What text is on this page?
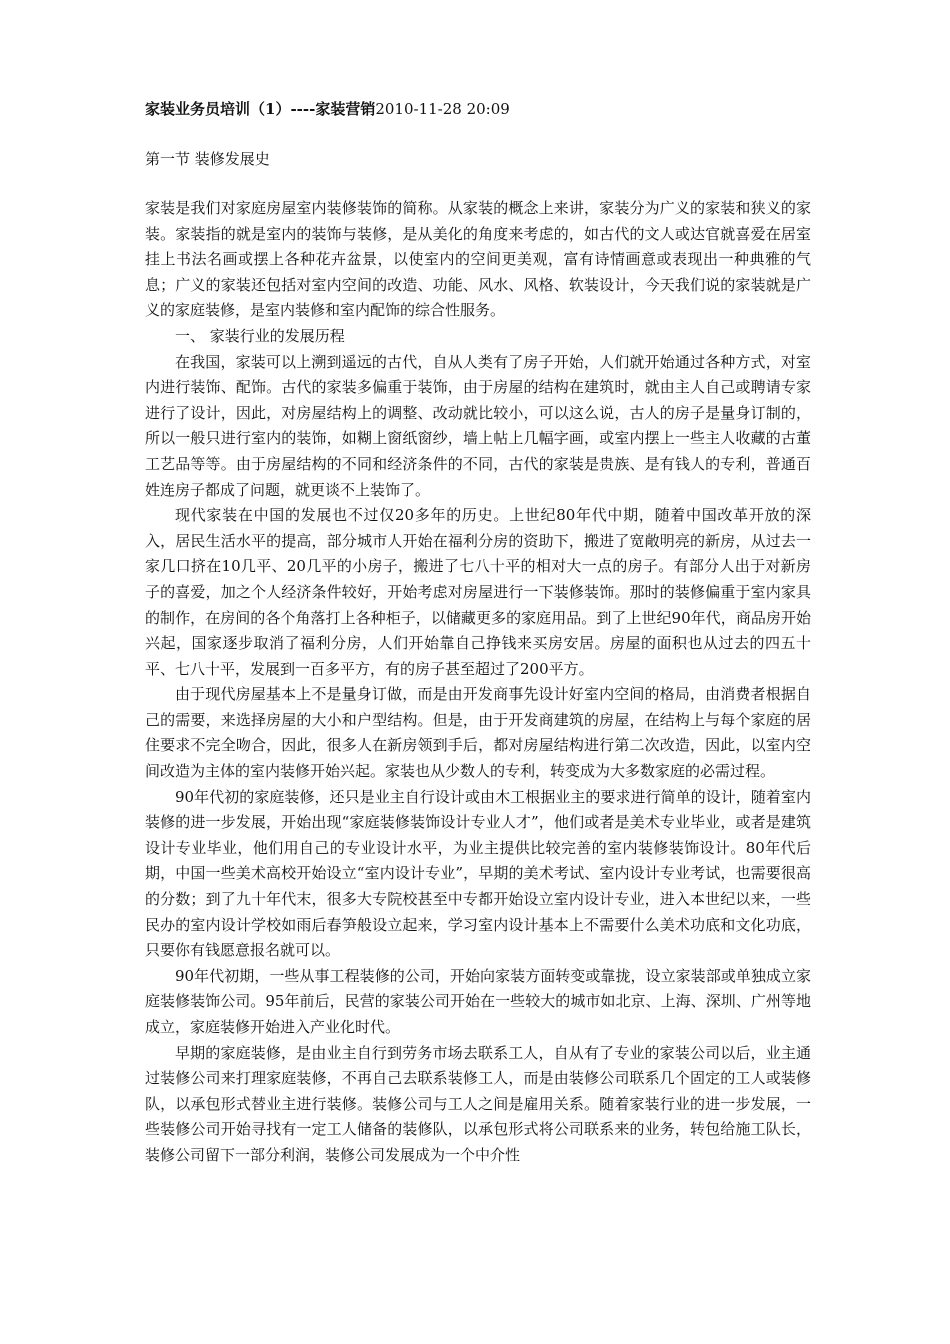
家装业务员培训（1）----家装营销2010-11-28 20:09

第一节 装修发展史

家装是我们对家庭房屋室内装修装饰的简称。从家装的概念上来讲，家装分为广义的家装和狭义的家装。家装指的就是室内的装饰与装修，是从美化的角度来考虑的，如古代的文人或达官就喜爱在居室挂上书法名画或摆上各种花卉盆景，以使室内的空间更美观，富有诗情画意或表现出一种典雅的气息；广义的家装还包括对室内空间的改造、功能、风水、风格、软装设计，今天我们说的家装就是广义的家庭装修，是室内装修和室内配饰的综合性服务。

一、 家装行业的发展历程

在我国，家装可以上溯到遥远的古代，自从人类有了房子开始，人们就开始通过各种方式，对室内进行装饰、配饰。古代的家装多偏重于装饰，由于房屋的结构在建筑时，就由主人自己或聘请专家进行了设计，因此，对房屋结构上的调整、改动就比较小，可以这么说，古人的房子是量身订制的，所以一般只进行室内的装饰，如糊上窗纸窗纱，墙上帖上几幅字画，或室内摆上一些主人收藏的古董工艺品等等。由于房屋结构的不同和经济条件的不同，古代的家装是贵族、是有钱人的专利，普通百姓连房子都成了问题，就更谈不上装饰了。

现代家装在中国的发展也不过仅20多年的历史。上世纪80年代中期，随着中国改革开放的深入，居民生活水平的提高，部分城市人开始在福利分房的资助下，搬进了宽敞明亮的新房，从过去一家几口挤在10几平、20几平的小房子，搬进了七八十平的相对大一点的房子。有部分人出于对新房子的喜爱，加之个人经济条件较好，开始考虑对房屋进行一下装修装饰。那时的装修偏重于室内家具的制作，在房间的各个角落打上各种柜子，以储藏更多的家庭用品。到了上世纪90年代，商品房开始兴起，国家逐步取消了福利分房，人们开始靠自己挣钱来买房安居。房屋的面积也从过去的四五十平、七八十平，发展到一百多平方，有的房子甚至超过了200平方。

由于现代房屋基本上不是量身订做，而是由开发商事先设计好室内空间的格局，由消费者根据自己的需要，来选择房屋的大小和户型结构。但是，由于开发商建筑的房屋，在结构上与每个家庭的居住要求不完全吻合，因此，很多人在新房领到手后，都对房屋结构进行第二次改造，因此，以室内空间改造为主体的室内装修开始兴起。家装也从少数人的专利，转变成为大多数家庭的必需过程。

90年代初的家庭装修，还只是业主自行设计或由木工根据业主的要求进行简单的设计，随着室内装修的进一步发展，开始出现“家庭装修装饰设计专业人才”，他们或者是美术专业毕业，或者是建筑设计专业毕业，他们用自己的专业设计水平，为业主提供比较完善的室内装修装饰设计。80年代后期，中国一些美术高校开始设立“室内设计专业”，早期的美术考试、室内设计专业考试，也需要很高的分数；到了九十年代末，很多大专院校甚至中专都开始设立室内设计专业，进入本世纪以来，一些民办的室内设计学校如雨后春笋般设立起来，学习室内设计基本上不需要什么美术功底和文化功底，只要你有钱愿意报名就可以。

90年代初期，一些从事工程装修的公司，开始向家装方面转变或靠拢，设立家装部或单独成立家庭装修装饰公司。95年前后，民营的家装公司开始在一些较大的城市如北京、上海、深圳、广州等地成立，家庭装修开始进入产业化时代。

早期的家庭装修，是由业主自行到劳务市场去联系工人，自从有了专业的家装公司以后，业主通过装修公司来打理家庭装修，不再自己去联系装修工人，而是由装修公司联系几个固定的工人或装修队，以承包形式替业主进行装修。装修公司与工人之间是雇用关系。随着家装行业的进一步发展，一些装修公司开始寻找有一定工人储备的装修队，以承包形式将公司联系来的业务，转包给施工队长，装修公司留下一部分利润，装修公司发展成为一个中介性
